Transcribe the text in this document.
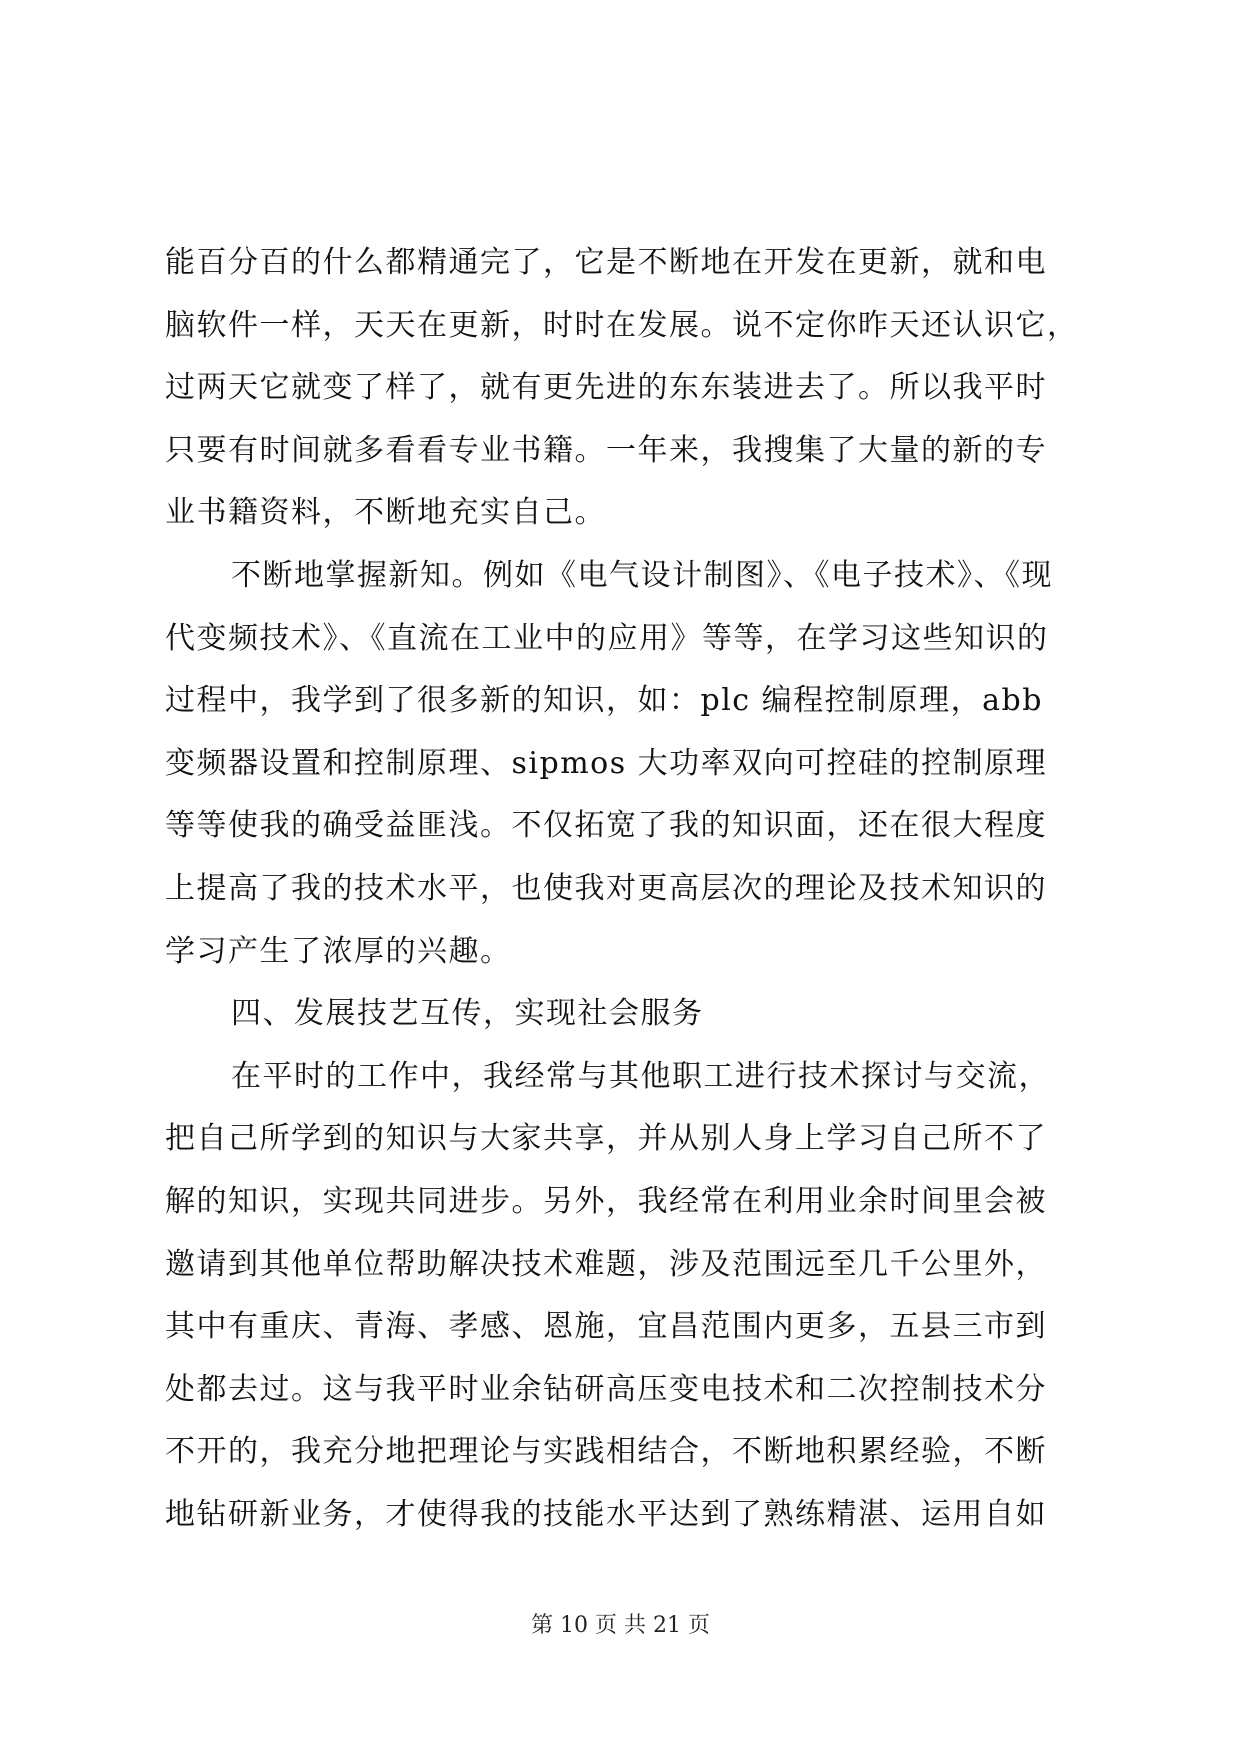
能百分百的什么都精通完了，它是不断地在开发在更新，就和电
脑软件一样，天天在更新，时时在发展。说不定你昨天还认识它，
过两天它就变了样了，就有更先进的东东装进去了。所以我平时
只要有时间就多看看专业书籍。一年来，我搜集了大量的新的专
业书籍资料，不断地充实自己。
不断地掌握新知。例如《电气设计制图》、《电子技术》、《现
代变频技术》、《直流在工业中的应用》等等，在学习这些知识的
过程中，我学到了很多新的知识，如：plc 编程控制原理，abb
变频器设置和控制原理、sipmos 大功率双向可控硅的控制原理
等等使我的确受益匪浅。不仅拓宽了我的知识面，还在很大程度
上提高了我的技术水平，也使我对更高层次的理论及技术知识的
学习产生了浓厚的兴趣。
四、发展技艺互传，实现社会服务
在平时的工作中，我经常与其他职工进行技术探讨与交流，
把自己所学到的知识与大家共享，并从别人身上学习自己所不了
解的知识，实现共同进步。另外，我经常在利用业余时间里会被
邀请到其他单位帮助解决技术难题，涉及范围远至几千公里外，
其中有重庆、青海、孝感、恩施，宜昌范围内更多，五县三市到
处都去过。这与我平时业余钻研高压变电技术和二次控制技术分
不开的，我充分地把理论与实践相结合，不断地积累经验，不断
地钻研新业务，才使得我的技能水平达到了熟练精湛、运用自如
第 10 页 共 21 页
